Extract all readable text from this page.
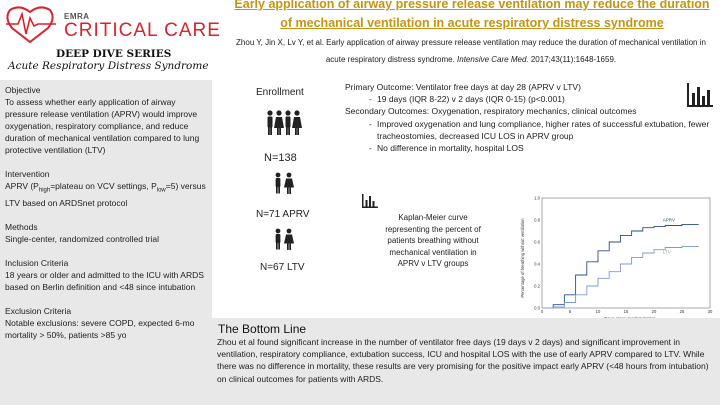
EMRA
CRITICAL CARE
DEEP DIVE SERIES
Acute Respiratory Distress Syndrome
Early application of airway pressure release ventilation may reduce the duration of mechanical ventilation in acute respiratory distress syndrome
Zhou Y, Jin X, Lv Y, et al. Early application of airway pressure release ventilation may reduce the duration of mechanical ventilation in acute respiratory distress syndrome. Intensive Care Med. 2017;43(11):1648-1659.
Objective
To assess whether early application of airway pressure release ventilation (APRV) would improve oxygenation, respiratory compliance, and reduce duration of mechanical ventilation compared to lung protective ventilation (LTV)
Intervention
APRV ($P_{high}=plateau$ on VCV settings, $P_{low}=5$) versus LTV based on ARDSnet protocol
Methods
Single-center, randomized controlled trial
Inclusion Criteria
18 years or older and admitted to the ICU with ARDS based on Berlin definition and <48 since intubation
Exclusion Criteria
Notable exclusions: severe COPD, expected 6-mo mortality > 50%, patients >85 yo
Enrollment
N=138
N=71 APRV
N=67 LTV
Primary Outcome: Ventilator free days at day 28 (APRV v LTV)
- 19 days (IQR 8-22) v 2 days (IQR 0-15) (p<0.001)
Secondary Outcomes: Oxygenation, respiratory mechanics, clinical outcomes
- Improved oxygenation and lung compliance, higher rates of successful extubation, fewer tracheostomies, decreased ICU LOS in APRV group
- No difference in mortality, hospital LOS
Kaplan-Meier curve representing the percent of patients breathing without mechanical ventilation in APRV v LTV groups	Percentage of breathing without ventilation
1.0
0.8
0.6
0.4
0.2
0.0
0	5	10	15	20	25	30
APRV
LTV
The Bottom Line
Zhou et al found significant increase in the number of ventilator free days (19 days v 2 days) and significant improvement in ventilation, respiratory compliance, extubation success, ICU and hospital LOS with the use of early APRV compared to LTV. While there was no difference in mortality, these results are very promising for the positive impact early APRV (<48 hours from intubation) on clinical outcomes for patients with ARDS.
